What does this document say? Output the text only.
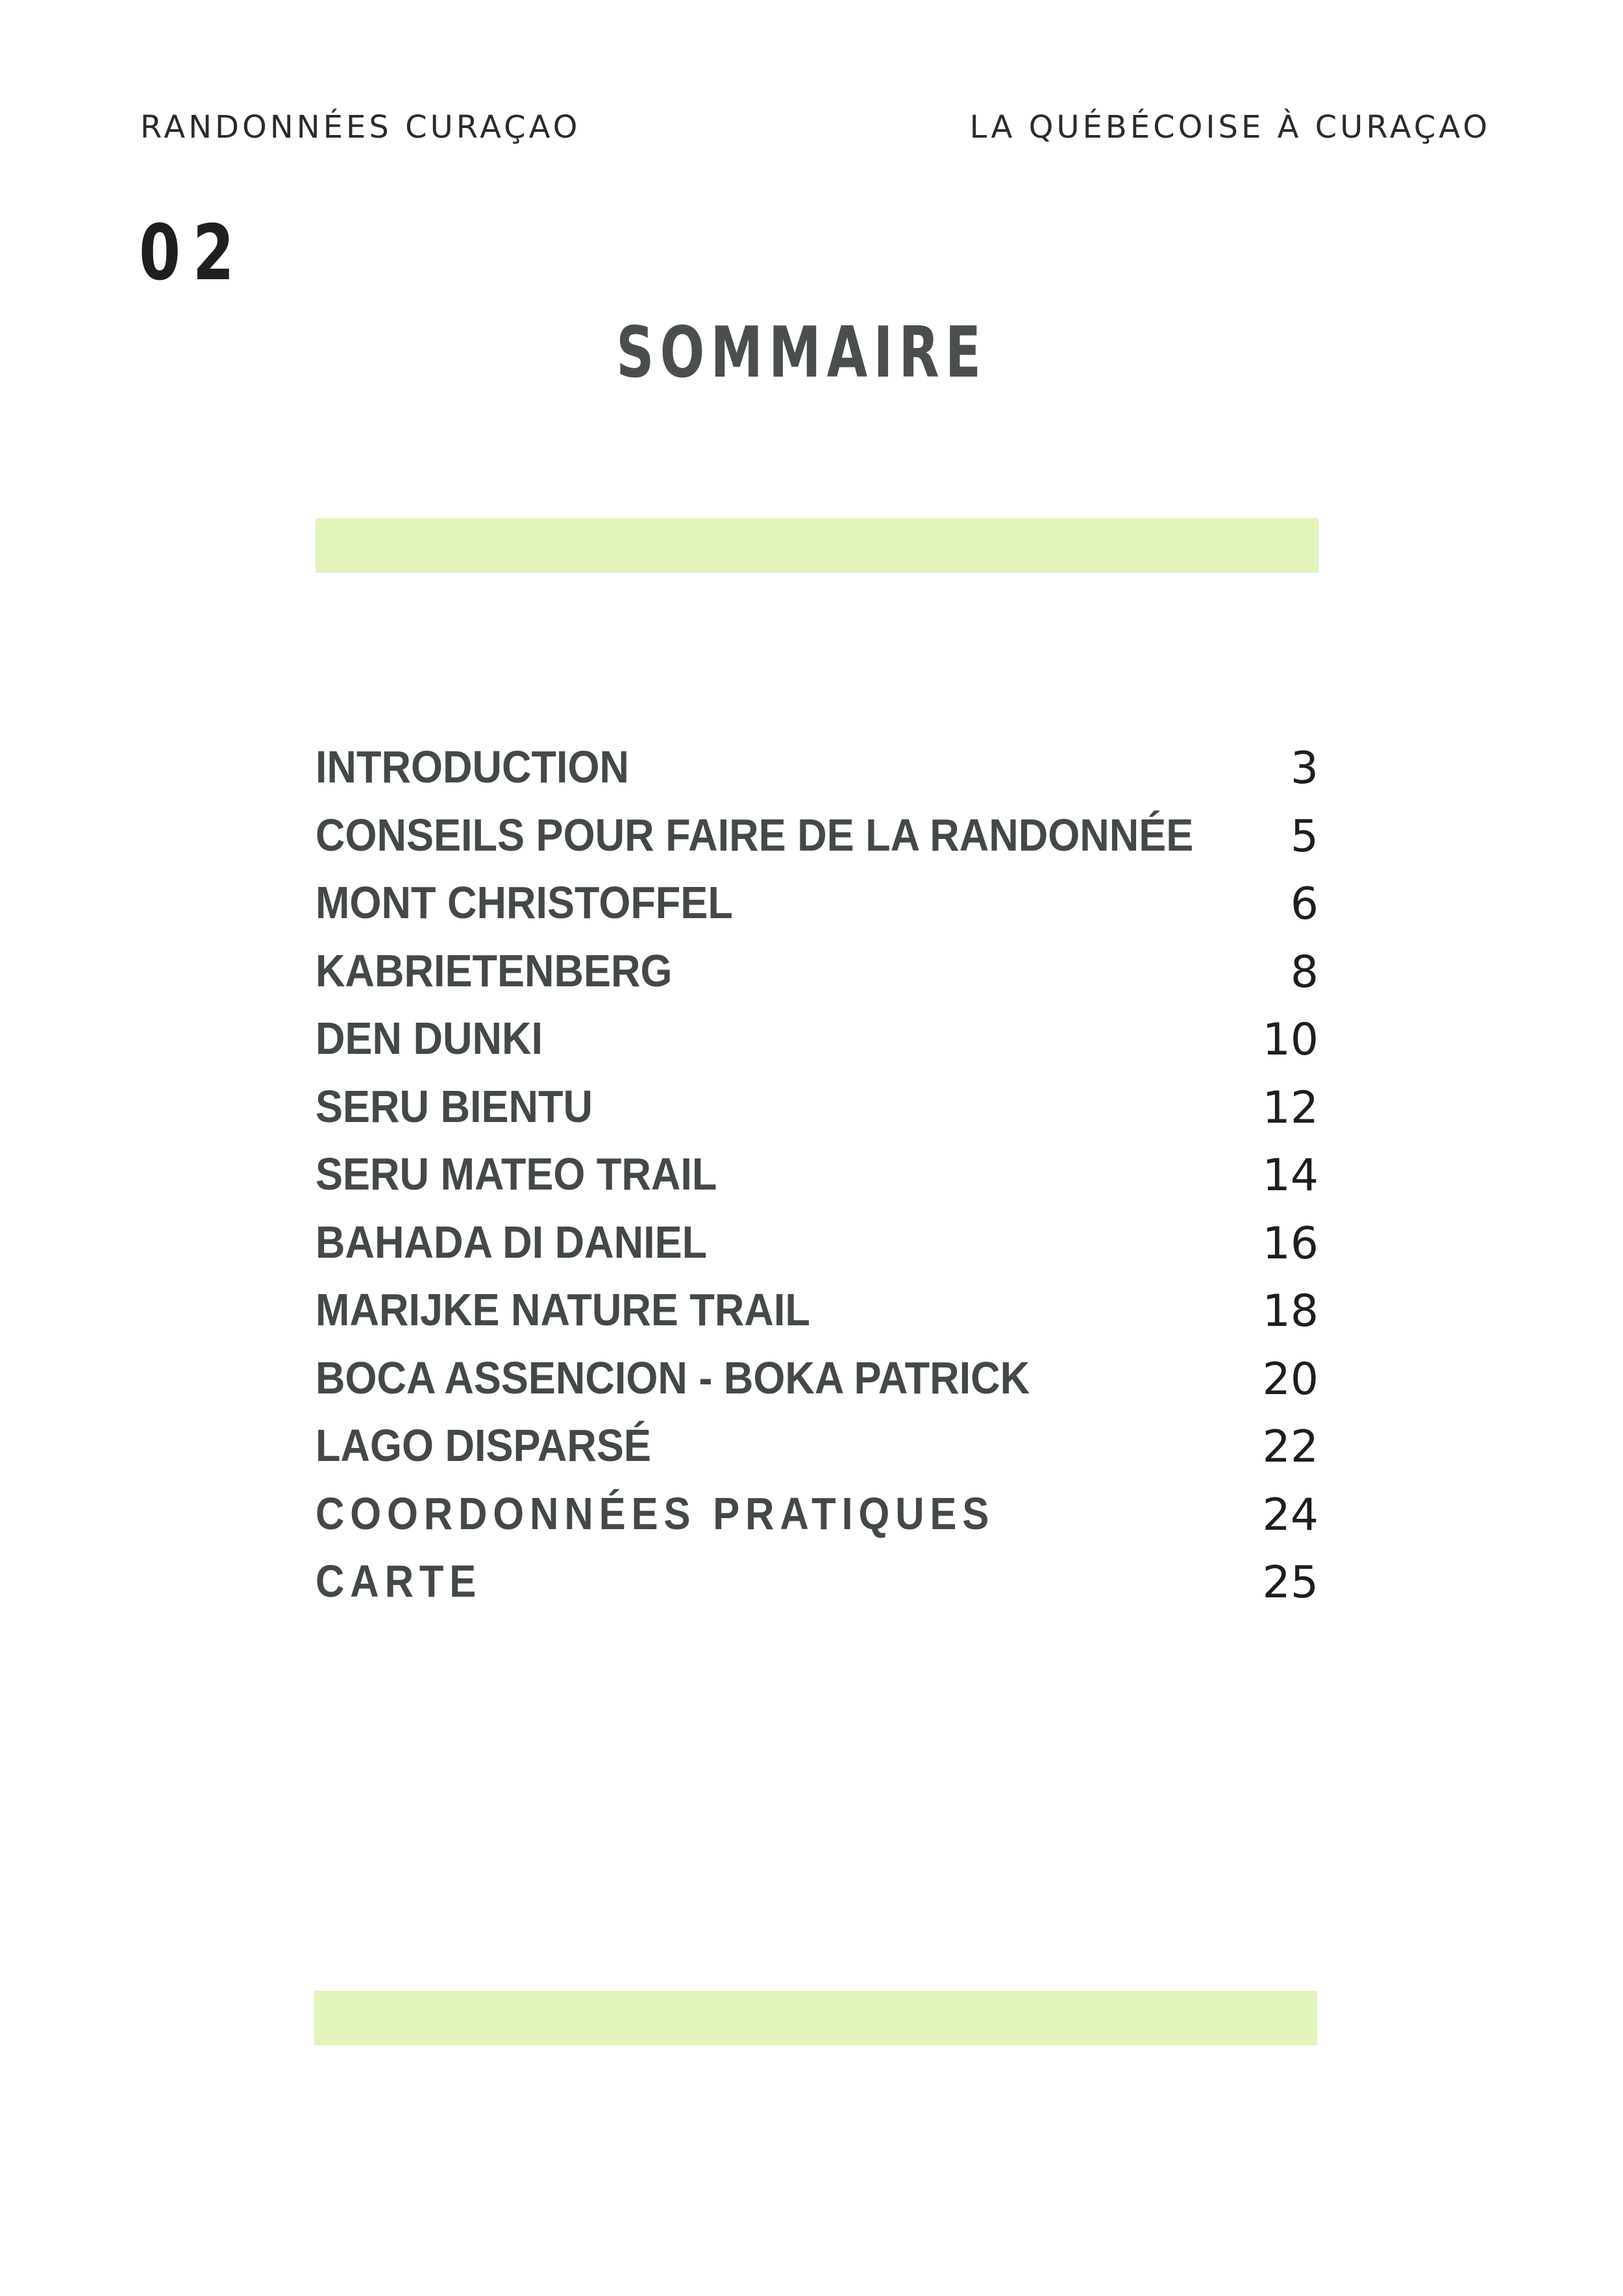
RANDONNÉES CURAÇAO	LA QUÉBÉCOISE À CURAÇAO
02
SOMMAIRE
INTRODUCTION	3
CONSEILS POUR FAIRE DE LA RANDONNÉE 5
MONT CHRISTOFFEL	6
KABRIETENBERG	8
DEN DUNKI	10
SERU BIENTU	12
SERU MATEO TRAIL	14
BAHADA DI DANIEL	16
MARIJKE NATURE TRAIL	18
BOCA ASSENCION - BOKA PATRICK	20
LAGO DISPARSÉ	22
COORDONNÉES PRATIQUES	24
CARTE	25
